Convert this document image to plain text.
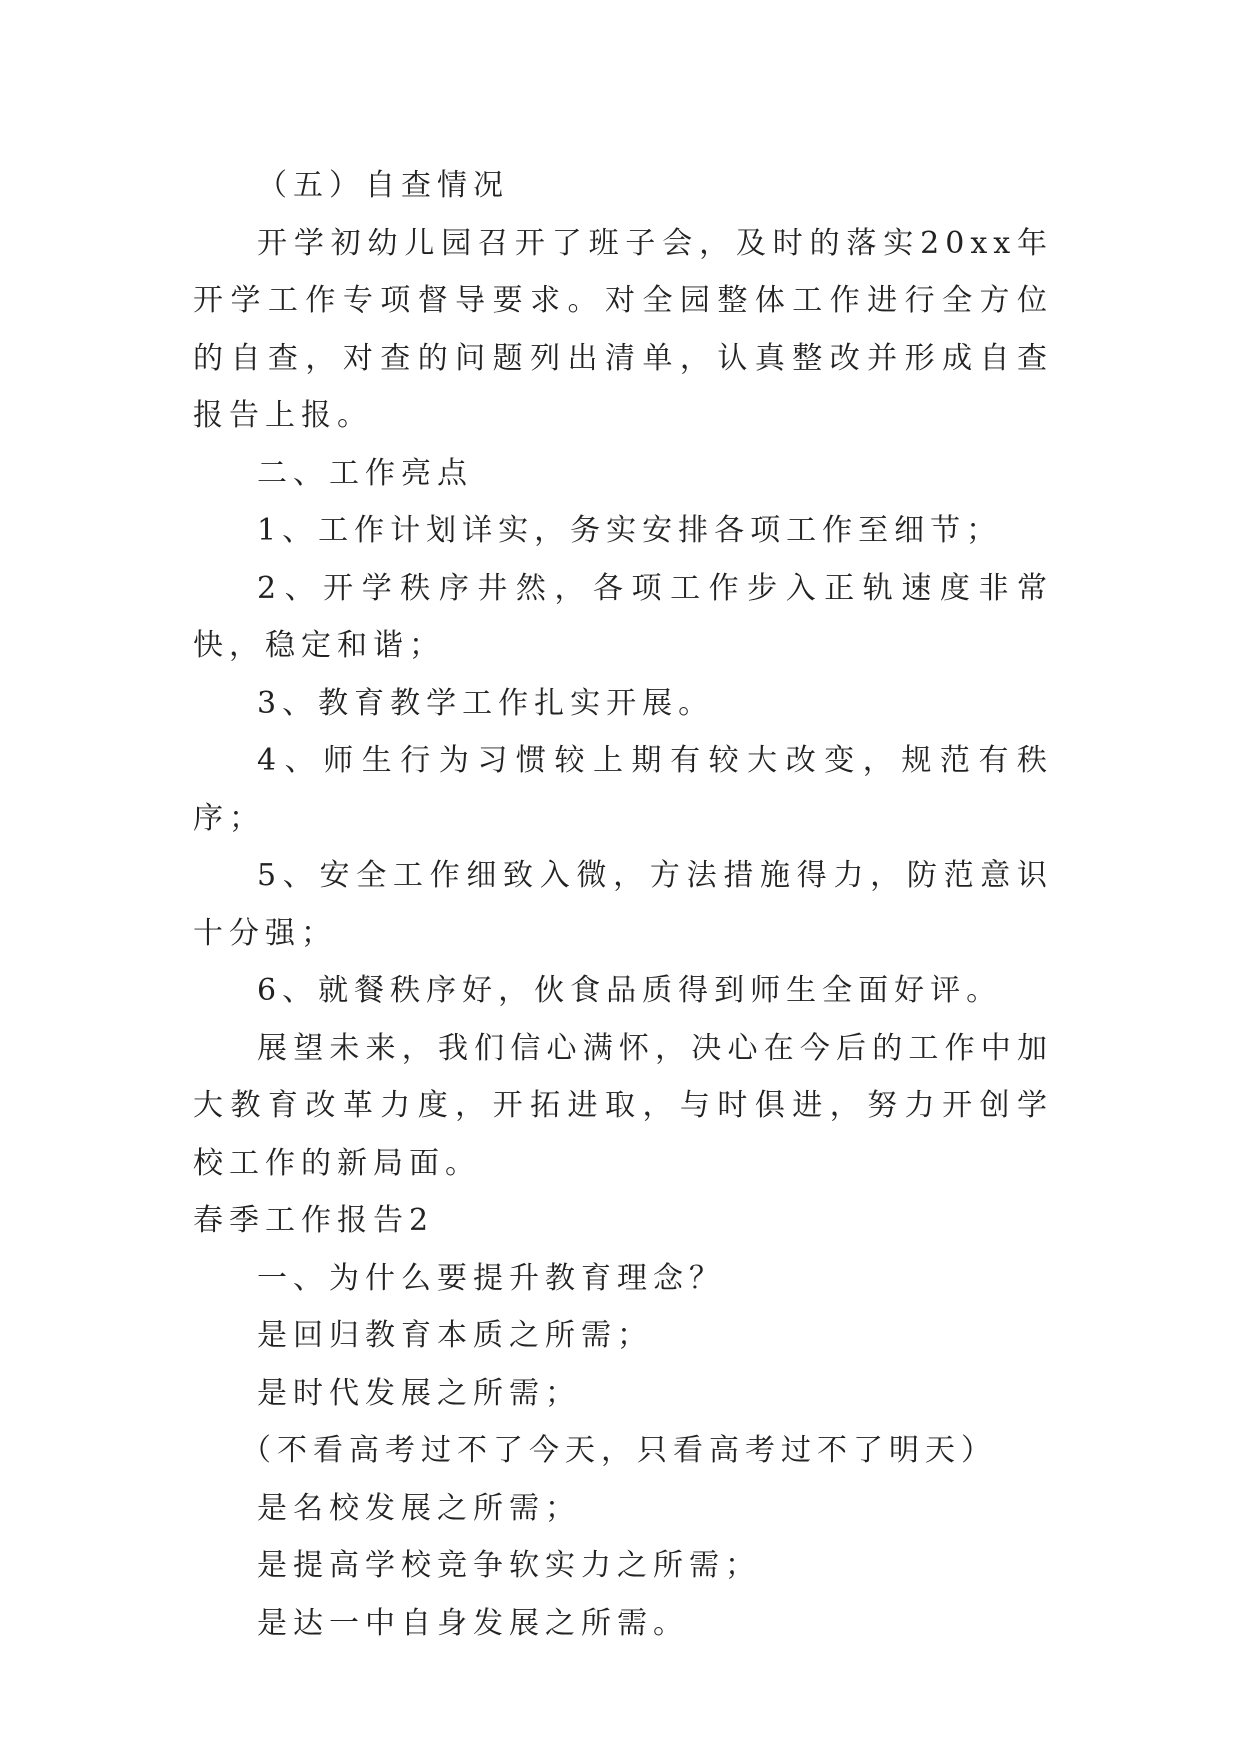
（五）自查情况

开学初幼儿园召开了班子会，及时的落实20xx年开学工作专项督导要求。对全园整体工作进行全方位的自查，对查的问题列出清单，认真整改并形成自查报告上报。

二、工作亮点

1、工作计划详实，务实安排各项工作至细节；

2、开学秩序井然，各项工作步入正轨速度非常快，稳定和谐；

3、教育教学工作扎实开展。

4、师生行为习惯较上期有较大改变，规范有秩序；

5、安全工作细致入微，方法措施得力，防范意识十分强；

6、就餐秩序好，伙食品质得到师生全面好评。

展望未来，我们信心满怀，决心在今后的工作中加大教育改革力度，开拓进取，与时俱进，努力开创学校工作的新局面。

春季工作报告2

一、为什么要提升教育理念？

是回归教育本质之所需；

是时代发展之所需；

（不看高考过不了今天，只看高考过不了明天）

是名校发展之所需；

是提高学校竞争软实力之所需；

是达一中自身发展之所需。
